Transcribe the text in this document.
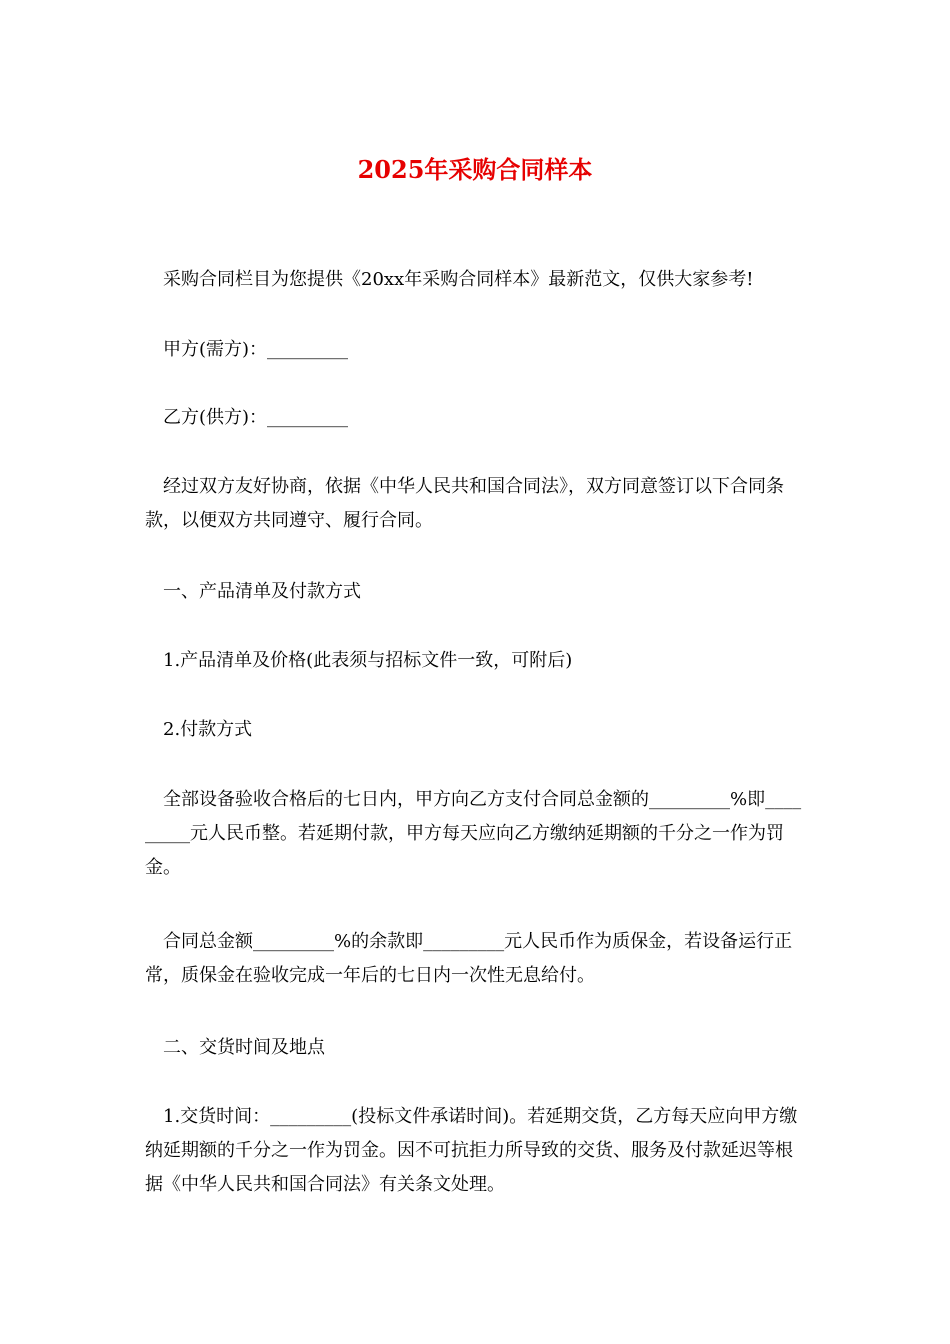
2025年采购合同样本

采购合同栏目为您提供《20xx年采购合同样本》最新范文，仅供大家参考!

甲方(需方)：_________

乙方(供方)：_________

经过双方友好协商，依据《中华人民共和国合同法》，双方同意签订以下合同条款，以便双方共同遵守、履行合同。

一、产品清单及付款方式

1.产品清单及价格(此表须与招标文件一致，可附后)

2.付款方式

全部设备验收合格后的七日内，甲方向乙方支付合同总金额的_________%即_________元人民币整。若延期付款，甲方每天应向乙方缴纳延期额的千分之一作为罚金。

合同总金额_________%的余款即_________元人民币作为质保金，若设备运行正常，质保金在验收完成一年后的七日内一次性无息给付。

二、交货时间及地点

1.交货时间：_________(投标文件承诺时间)。若延期交货，乙方每天应向甲方缴纳延期额的千分之一作为罚金。因不可抗拒力所导致的交货、服务及付款延迟等根据《中华人民共和国合同法》有关条文处理。
